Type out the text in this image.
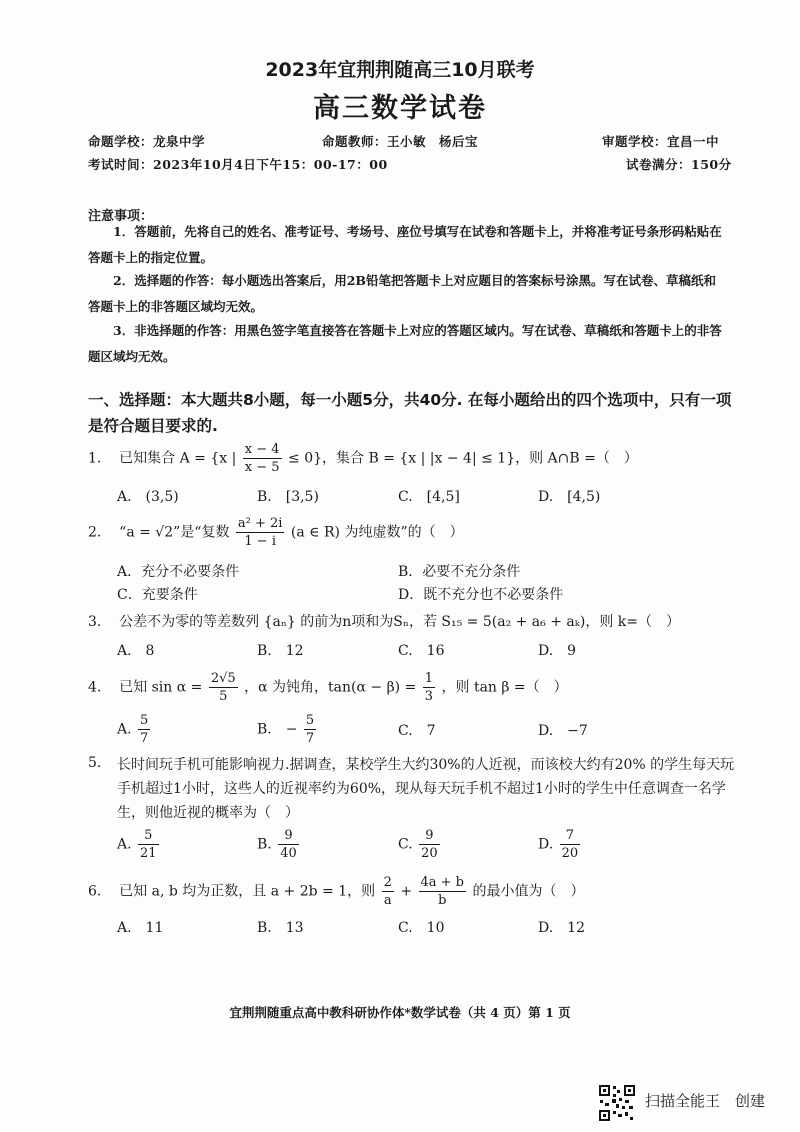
2023年宜荆荆随高三10月联考
高三数学试卷
命题学校：龙泉中学	命题教师：王小敏　杨后宝	审题学校：宜昌一中
考试时间：2023年10月4日下午15：00-17：00	试卷满分：150分
注意事项：
1．答题前，先将自己的姓名、准考证号、考场号、座位号填写在试卷和答题卡上，并将准考证号条形码粘贴在答题卡上的指定位置。
2．选择题的作答：每小题选出答案后，用2B铅笔把答题卡上对应题目的答案标号涂黑。写在试卷、草稿纸和答题卡上的非答题区域均无效。
3．非选择题的作答：用黑色签字笔直接答在答题卡上对应的答题区域内。写在试卷、草稿纸和答题卡上的非答题区域均无效。
一、选择题：本大题共8小题，每一小题5分，共40分. 在每小题给出的四个选项中，只有一项是符合题目要求的.
1. 已知集合 A = {x | $\frac{x - 4}{x - 5} \le 0$}，集合 B = {x | |x − 4| ≤ 1}，则 A∩B =（　）
A.　(3,5)	B.　[3,5)	C.　[4,5]	D.　[4,5)
2. “a = √2”是“复数 $\frac{\text{a² + 2i}}{1 - i} (a$ ∈ R) 为纯虚数”的（　）
A．充分不必要条件	B．必要不充分条件
C．充要条件	D．既不充分也不必要条件
3. 公差不为零的等差数列 {aₙ} 的前为n项和为Sₙ，若 S₁₅ = 5(a₂ + a₆ + aₖ)，则 k=（　）
A.　8	B.　12	C.　16	D.　9
4. 已知 $\sin \alpha = \frac{2√5}{5}$ ，α 为钝角，$\tan(\alpha - \beta) = \frac{1}{3}$ ，则 tan β =（　）
A. $\frac{5}{7}$	B.　− $\frac{5}{7}$	C.　7	D.　−7
5.	长时间玩手机可能影响视力.据调查，某校学生大约30%的人近视，而该校大约有20% 的学生每天玩手机超过1小时，这些人的近视率约为60%，现从每天玩手机不超过1小时的学生中任意调查一名学生，则他近视的概率为（　）
A. $\frac{5}{21}$	B. $\frac{9}{40}$	C. $\frac{9}{20}$	D. $\frac{7}{20}$
6. 已知 a, b 均为正数，且 a + 2b = 1，则 $\frac{2}{a} + \frac{4a + b}{b}$ 的最小值为（　）
A.　11	B.　13	C.　10	D.　12
宜荆荆随重点高中教科研协作体*数学试卷（共 4 页）第 1 页
扫描全能王　创建
